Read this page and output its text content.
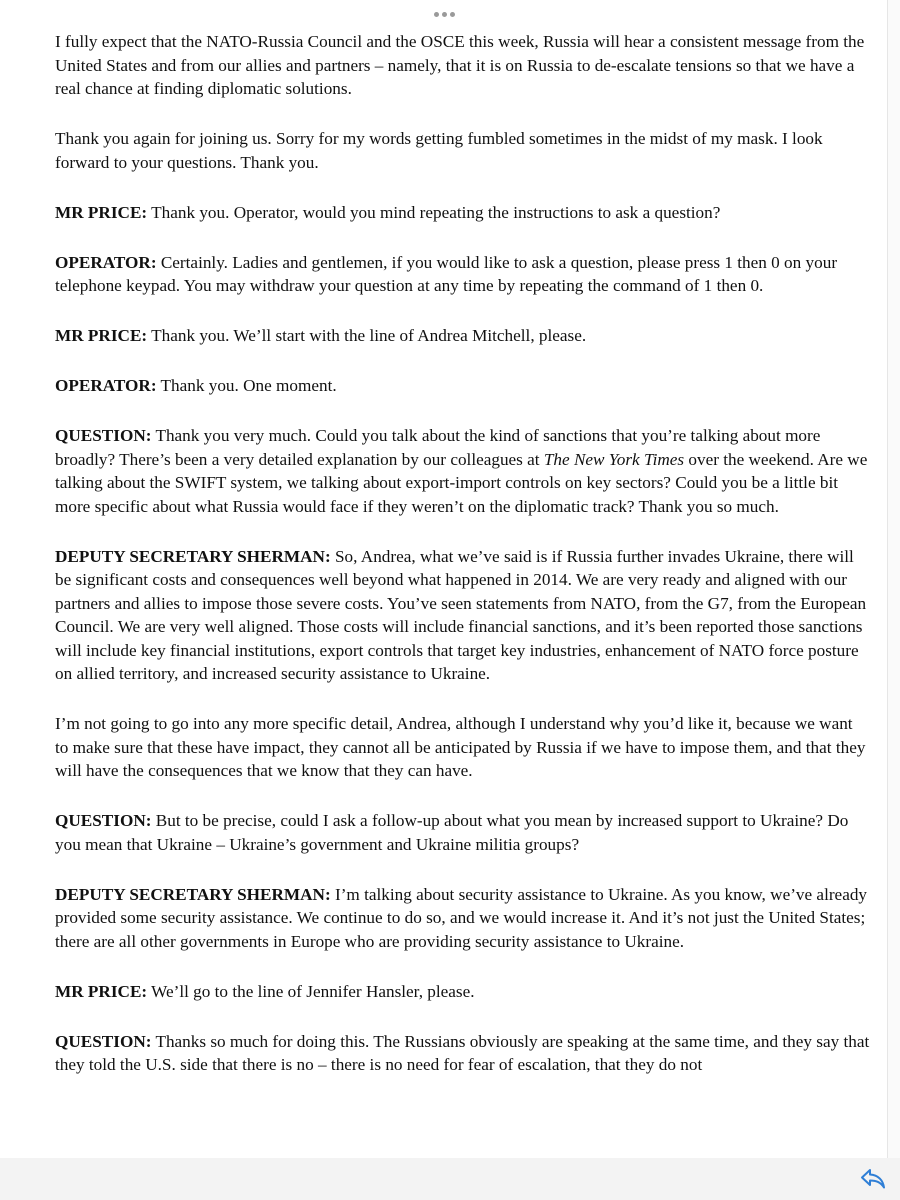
I fully expect that the NATO-Russia Council and the OSCE this week, Russia will hear a consistent message from the United States and from our allies and partners – namely, that it is on Russia to de-escalate tensions so that we have a real chance at finding diplomatic solutions.

Thank you again for joining us. Sorry for my words getting fumbled sometimes in the midst of my mask. I look forward to your questions. Thank you.

MR PRICE: Thank you. Operator, would you mind repeating the instructions to ask a question?

OPERATOR: Certainly. Ladies and gentlemen, if you would like to ask a question, please press 1 then 0 on your telephone keypad. You may withdraw your question at any time by repeating the command of 1 then 0.

MR PRICE: Thank you. We’ll start with the line of Andrea Mitchell, please.

OPERATOR: Thank you. One moment.

QUESTION: Thank you very much. Could you talk about the kind of sanctions that you’re talking about more broadly? There’s been a very detailed explanation by our colleagues at The New York Times over the weekend. Are we talking about the SWIFT system, we talking about export-import controls on key sectors? Could you be a little bit more specific about what Russia would face if they weren’t on the diplomatic track? Thank you so much.

DEPUTY SECRETARY SHERMAN: So, Andrea, what we’ve said is if Russia further invades Ukraine, there will be significant costs and consequences well beyond what happened in 2014. We are very ready and aligned with our partners and allies to impose those severe costs. You’ve seen statements from NATO, from the G7, from the European Council. We are very well aligned. Those costs will include financial sanctions, and it’s been reported those sanctions will include key financial institutions, export controls that target key industries, enhancement of NATO force posture on allied territory, and increased security assistance to Ukraine.

I’m not going to go into any more specific detail, Andrea, although I understand why you’d like it, because we want to make sure that these have impact, they cannot all be anticipated by Russia if we have to impose them, and that they will have the consequences that we know that they can have.

QUESTION: But to be precise, could I ask a follow-up about what you mean by increased support to Ukraine? Do you mean that Ukraine – Ukraine’s government and Ukraine militia groups?

DEPUTY SECRETARY SHERMAN: I’m talking about security assistance to Ukraine. As you know, we’ve already provided some security assistance. We continue to do so, and we would increase it. And it’s not just the United States; there are all other governments in Europe who are providing security assistance to Ukraine.

MR PRICE: We’ll go to the line of Jennifer Hansler, please.

QUESTION: Thanks so much for doing this. The Russians obviously are speaking at the same time, and they say that they told the U.S. side that there is no – there is no need for fear of escalation, that they do not
